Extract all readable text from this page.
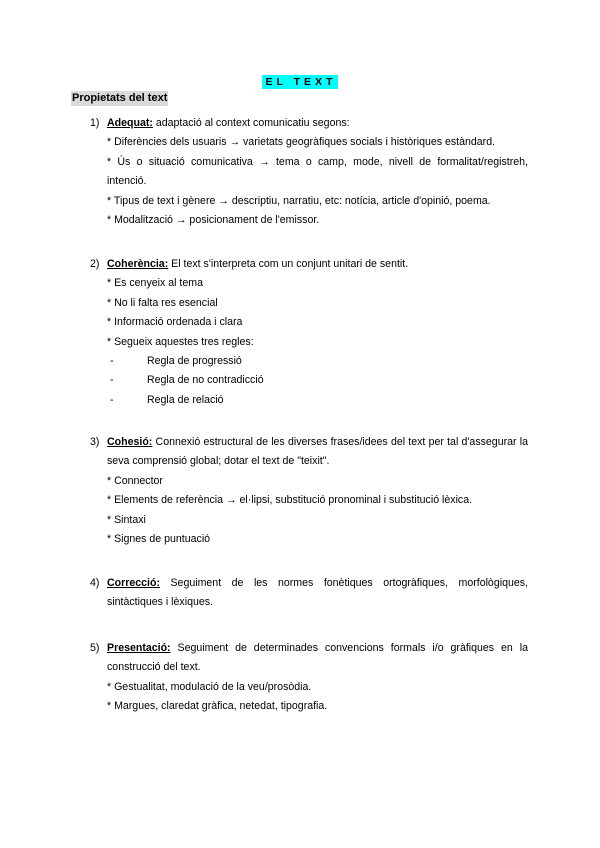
EL TEXT
Propietats del text
1) Adequat: adaptació al context comunicatiu segons:
* Diferències dels usuaris → varietats geogràfiques socials i històriques estàndard.
* Ús o situació comunicativa → tema o camp, mode, nivell de formalitat/registreh, intenció.
* Tipus de text i gènere → descriptiu, narratiu, etc: notícia, article d'opinió, poema.
* Modalització → posicionament de l'emissor.
2) Coherència: El text s'interpreta com un conjunt unitari de sentit.
* Es cenyeix al tema
* No li falta res esencial
* Informació ordenada i clara
* Segueix aquestes tres regles:
-	Regla de progressió
-	Regla de no contradicció
-	Regla de relació
3) Cohesió: Connexió estructural de les diverses frases/idees del text per tal d'assegurar la seva comprensió global; dotar el text de "teixit".
* Connector
* Elements de referència → el·lipsi, substitució pronominal i substitució lèxica.
* Sintaxi
* Signes de puntuació
4) Correcció: Seguiment de les normes fonètiques ortogràfiques, morfològiques, sintàctiques i lèxiques.
5) Presentació: Seguiment de determinades convencions formals i/o gràfiques en la construcció del text.
* Gestualitat, modulació de la veu/prosòdia.
* Margues, claredat gràfica, netedat, tipografia.
